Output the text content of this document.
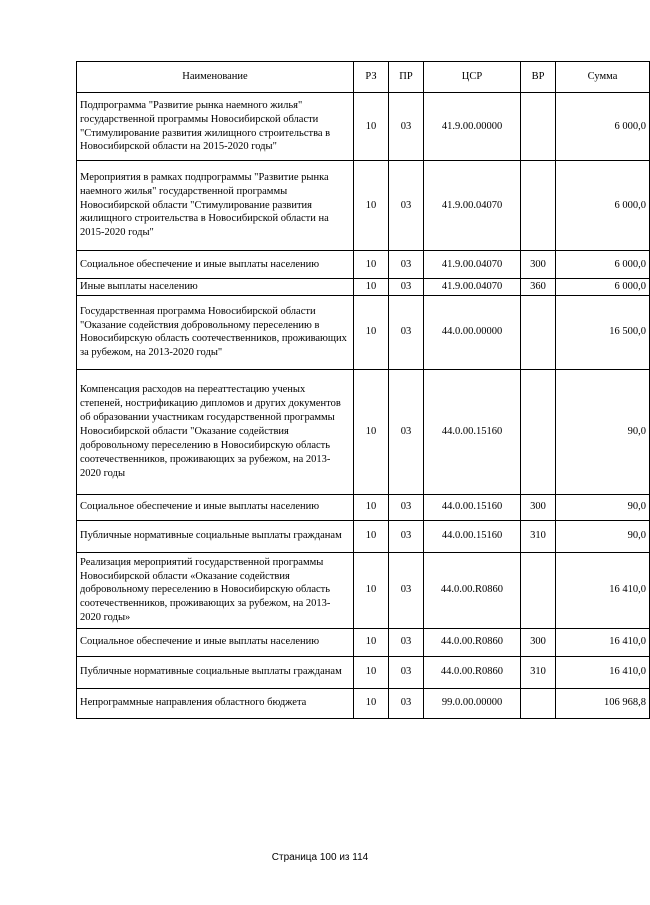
Наименование	РЗ	ПР	ЦСР	ВР	Сумма
Подпрограмма "Развитие рынка наемного жилья" государственной программы Новосибирской области "Стимулирование развития жилищного строительства в Новосибирской области на 2015-2020 годы"	10	03	41.9.00.00000		6 000,0
Мероприятия в рамках подпрограммы "Развитие рынка наемного жилья" государственной программы Новосибирской области "Стимулирование развития жилищного строительства в Новосибирской области на 2015-2020 годы"	10	03	41.9.00.04070		6 000,0
Социальное обеспечение и иные выплаты населению	10	03	41.9.00.04070	300	6 000,0
Иные выплаты населению	10	03	41.9.00.04070	360	6 000,0
Государственная программа Новосибирской области "Оказание содействия добровольному переселению в Новосибирскую область соотечественников, проживающих за рубежом, на 2013-2020 годы"	10	03	44.0.00.00000		16 500,0
Компенсация расходов на переаттестацию ученых степеней, нострификацию дипломов и других документов об образовании участникам государственной программы Новосибирской области "Оказание содействия добровольному переселению в Новосибирскую область соотечественников, проживающих за рубежом, на 2013-2020 годы	10	03	44.0.00.15160		90,0
Социальное обеспечение и иные выплаты населению	10	03	44.0.00.15160	300	90,0
Публичные нормативные социальные выплаты гражданам	10	03	44.0.00.15160	310	90,0
Реализация мероприятий государственной программы Новосибирской области «Оказание содействия добровольному переселению в Новосибирскую область соотечественников, проживающих за рубежом, на 2013-2020 годы»	10	03	44.0.00.R0860		16 410,0
Социальное обеспечение и иные выплаты населению	10	03	44.0.00.R0860	300	16 410,0
Публичные нормативные социальные выплаты гражданам	10	03	44.0.00.R0860	310	16 410,0
Непрограммные направления областного бюджета	10	03	99.0.00.00000		106 968,8
Страница 100 из 114
